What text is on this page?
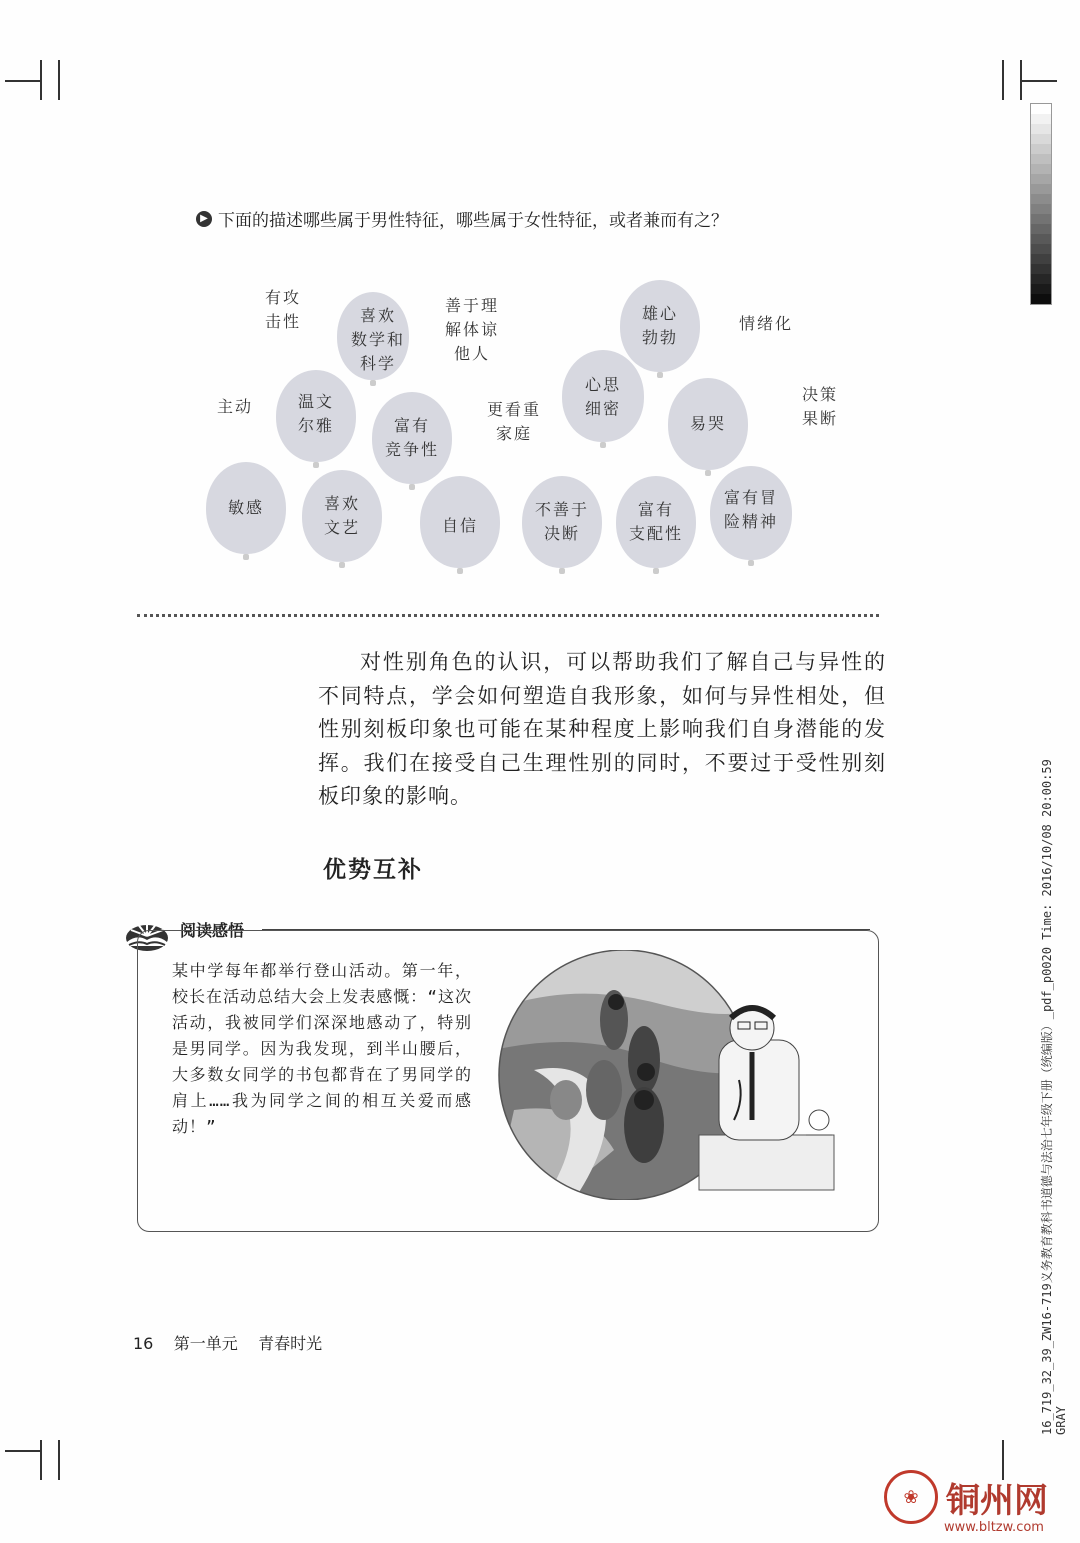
▶ 下面的描述哪些属于男性特征，哪些属于女性特征，或者兼而有之？
有攻
击性	喜欢
数学和
科学
善于理
解体谅
他人
雄心
勃勃
情绪化
主动	温文
尔雅	富有
竞争性
更看重
家庭
心思
细密
易哭
决策
果断
敏感	喜欢
文艺	自信
不善于
决断
富有
支配性
富有冒
险精神
对性别角色的认识，可以帮助我们了解自己与异性的不同特点，学会如何塑造自我形象，如何与异性相处，但性别刻板印象也可能在某种程度上影响我们自身潜能的发挥。我们在接受自己生理性别的同时，不要过于受性别刻板印象的影响。
优势互补
阅读感悟
某中学每年都举行登山活动。第一年，校长在活动总结大会上发表感慨：“这次活动，我被同学们深深地感动了，特别是男同学。因为我发现，到半山腰后，大多数女同学的书包都背在了男同学的肩上……我为同学之间的相互关爱而感动！”
16 第一单元 青春时光	16_719_32_39_ZW16-719义务教育教科书道德与法治七年级下册（统编版）_pdf_p0020 Time: 2016/10/08 20:00:59 GRAY
❀ 铜州网
www.bltzw.com
